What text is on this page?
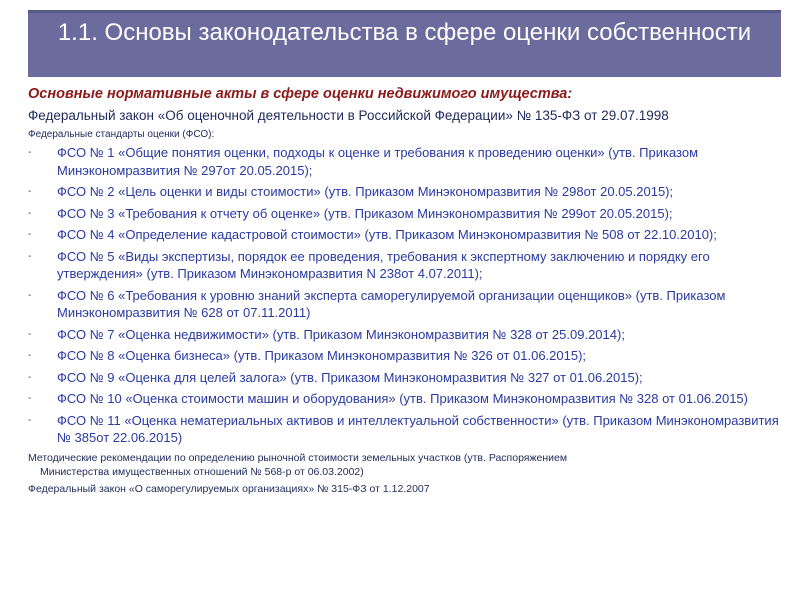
1.1. Основы законодательства в сфере оценки собственности

Основные нормативные акты в сфере оценки недвижимого имущества:

Федеральный закон «Об оценочной деятельности в Российской Федерации» № 135-ФЗ от 29.07.1998

Федеральные стандарты оценки (ФСО):

- ФСО № 1 «Общие понятия оценки, подходы к оценке и требования к проведению оценки» (утв. Приказом Минэкономразвития № 297от 20.05.2015);
- ФСО № 2 «Цель оценки и виды стоимости» (утв. Приказом Минэкономразвития № 298от 20.05.2015);
- ФСО № 3 «Требования к отчету об оценке» (утв. Приказом Минэкономразвития № 299от 20.05.2015);
- ФСО № 4 «Определение кадастровой стоимости» (утв. Приказом Минэкономразвития № 508 от 22.10.2010);
- ФСО № 5 «Виды экспертизы, порядок ее проведения, требования к экспертному заключению и порядку его утверждения» (утв. Приказом Минэкономразвития N 238от 4.07.2011);
- ФСО № 6 «Требования к уровню знаний эксперта саморегулируемой организации оценщиков» (утв. Приказом Минэкономразвития № 628 от 07.11.2011)
- ФСО № 7 «Оценка недвижимости» (утв. Приказом Минэкономразвития № 328 от 25.09.2014);
- ФСО № 8 «Оценка бизнеса» (утв. Приказом Минэкономразвития № 326 от 01.06.2015);
- ФСО № 9 «Оценка для целей залога» (утв. Приказом Минэкономразвития № 327 от 01.06.2015);
- ФСО № 10 «Оценка стоимости машин и оборудования» (утв. Приказом Минэкономразвития № 328 от 01.06.2015)
- ФСО № 11 «Оценка нематериальных активов и интеллектуальной собственности» (утв. Приказом Минэкономразвития № 385от 22.06.2015)

Методические рекомендации по определению рыночной стоимости земельных участков (утв. Распоряжением
Министерства имущественных отношений № 568-р от 06.03.2002)

Федеральный закон «О саморегулируемых организациях» № 315-ФЗ от 1.12.2007
